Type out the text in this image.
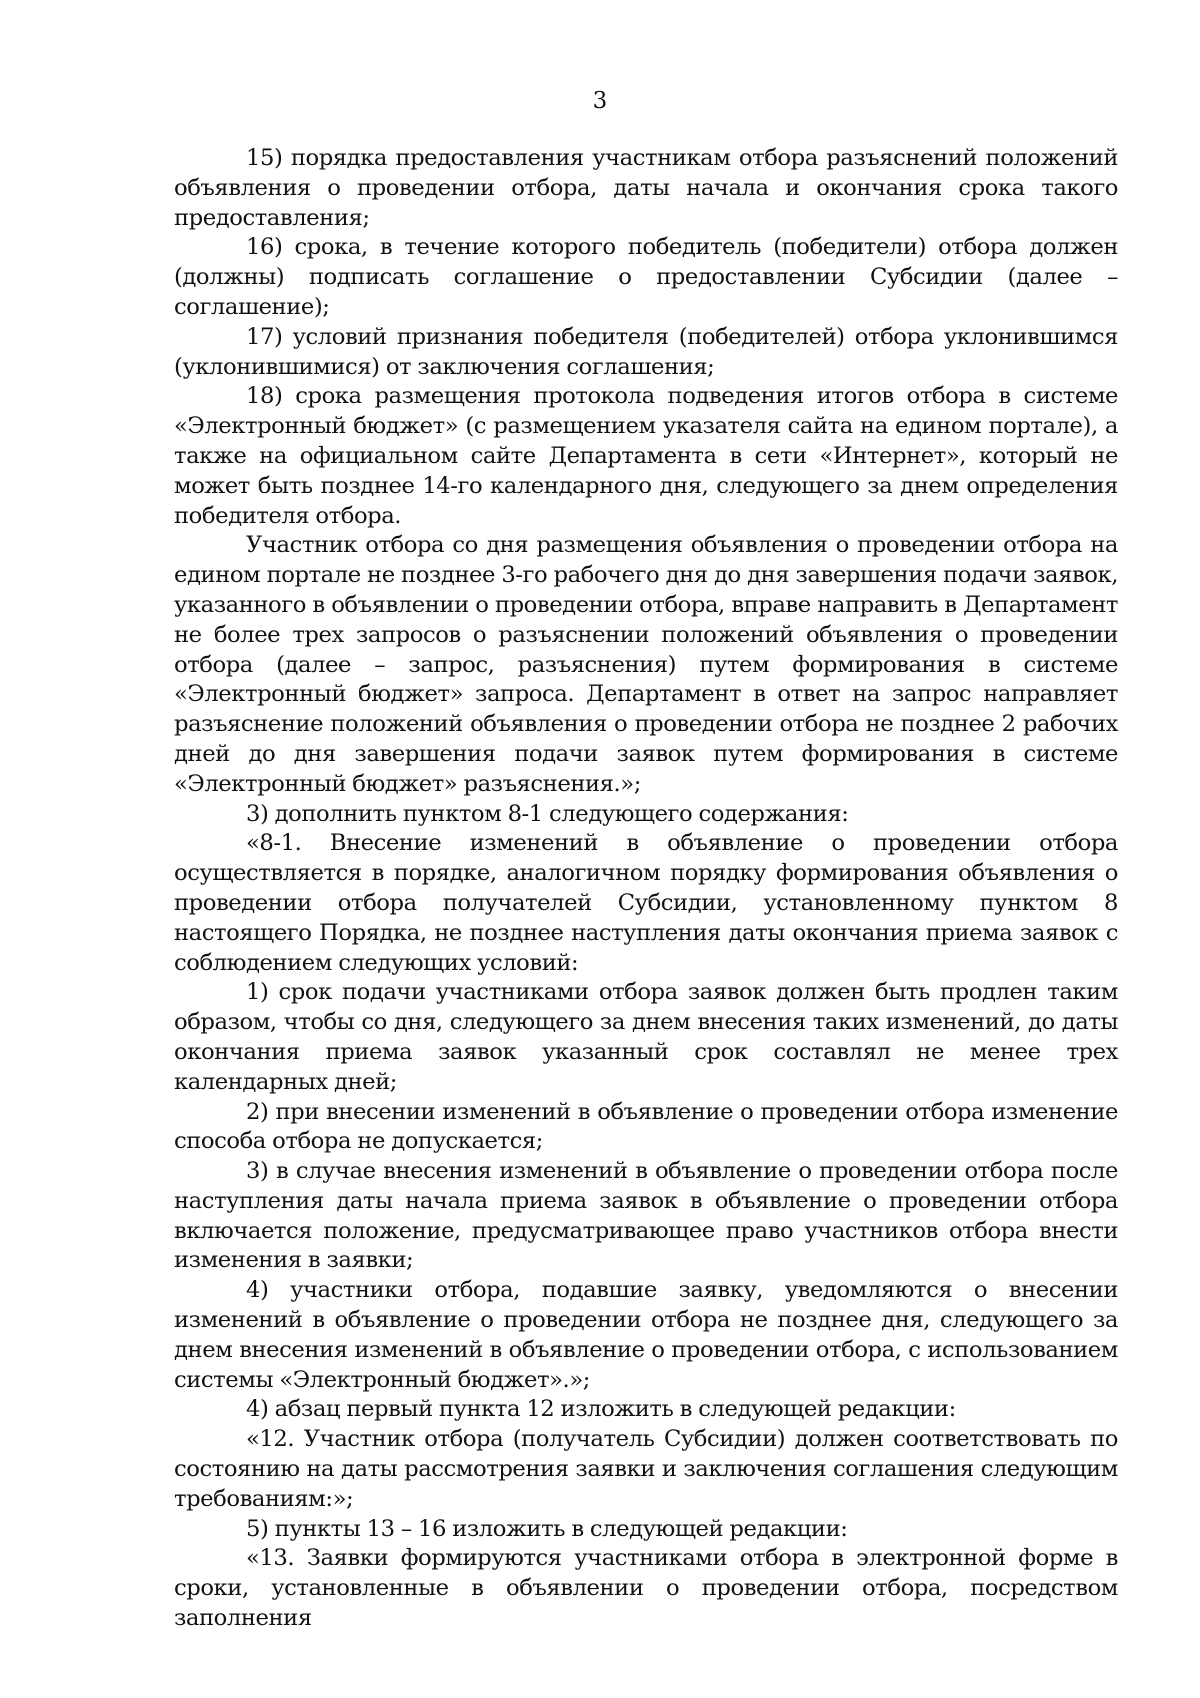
3

15) порядка предоставления участникам отбора разъяснений положений объявления о проведении отбора, даты начала и окончания срока такого предоставления;

16) срока, в течение которого победитель (победители) отбора должен (должны) подписать соглашение о предоставлении Субсидии (далее – соглашение);

17) условий признания победителя (победителей) отбора уклонившимся (уклонившимися) от заключения соглашения;

18) срока размещения протокола подведения итогов отбора в системе «Электронный бюджет» (с размещением указателя сайта на едином портале), а также на официальном сайте Департамента в сети «Интернет», который не может быть позднее 14-го календарного дня, следующего за днем определения победителя отбора.

Участник отбора со дня размещения объявления о проведении отбора на едином портале не позднее 3-го рабочего дня до дня завершения подачи заявок, указанного в объявлении о проведении отбора, вправе направить в Департамент не более трех запросов о разъяснении положений объявления о проведении отбора (далее – запрос, разъяснения) путем формирования в системе «Электронный бюджет» запроса. Департамент в ответ на запрос направляет разъяснение положений объявления о проведении отбора не позднее 2 рабочих дней до дня завершения подачи заявок путем формирования в системе «Электронный бюджет» разъяснения.»;

3) дополнить пунктом 8-1 следующего содержания:

«8-1. Внесение изменений в объявление о проведении отбора осуществляется в порядке, аналогичном порядку формирования объявления о проведении отбора получателей Субсидии, установленному пунктом 8 настоящего Порядка, не позднее наступления даты окончания приема заявок с соблюдением следующих условий:

1) срок подачи участниками отбора заявок должен быть продлен таким образом, чтобы со дня, следующего за днем внесения таких изменений, до даты окончания приема заявок указанный срок составлял не менее трех календарных дней;

2) при внесении изменений в объявление о проведении отбора изменение способа отбора не допускается;

3) в случае внесения изменений в объявление о проведении отбора после наступления даты начала приема заявок в объявление о проведении отбора включается положение, предусматривающее право участников отбора внести изменения в заявки;

4) участники отбора, подавшие заявку, уведомляются о внесении изменений в объявление о проведении отбора не позднее дня, следующего за днем внесения изменений в объявление о проведении отбора, с использованием системы «Электронный бюджет».»;

4) абзац первый пункта 12 изложить в следующей редакции:

«12. Участник отбора (получатель Субсидии) должен соответствовать по состоянию на даты рассмотрения заявки и заключения соглашения следующим требованиям:»;

5) пункты 13 – 16 изложить в следующей редакции:

«13. Заявки формируются участниками отбора в электронной форме в сроки, установленные в объявлении о проведении отбора, посредством заполнения
